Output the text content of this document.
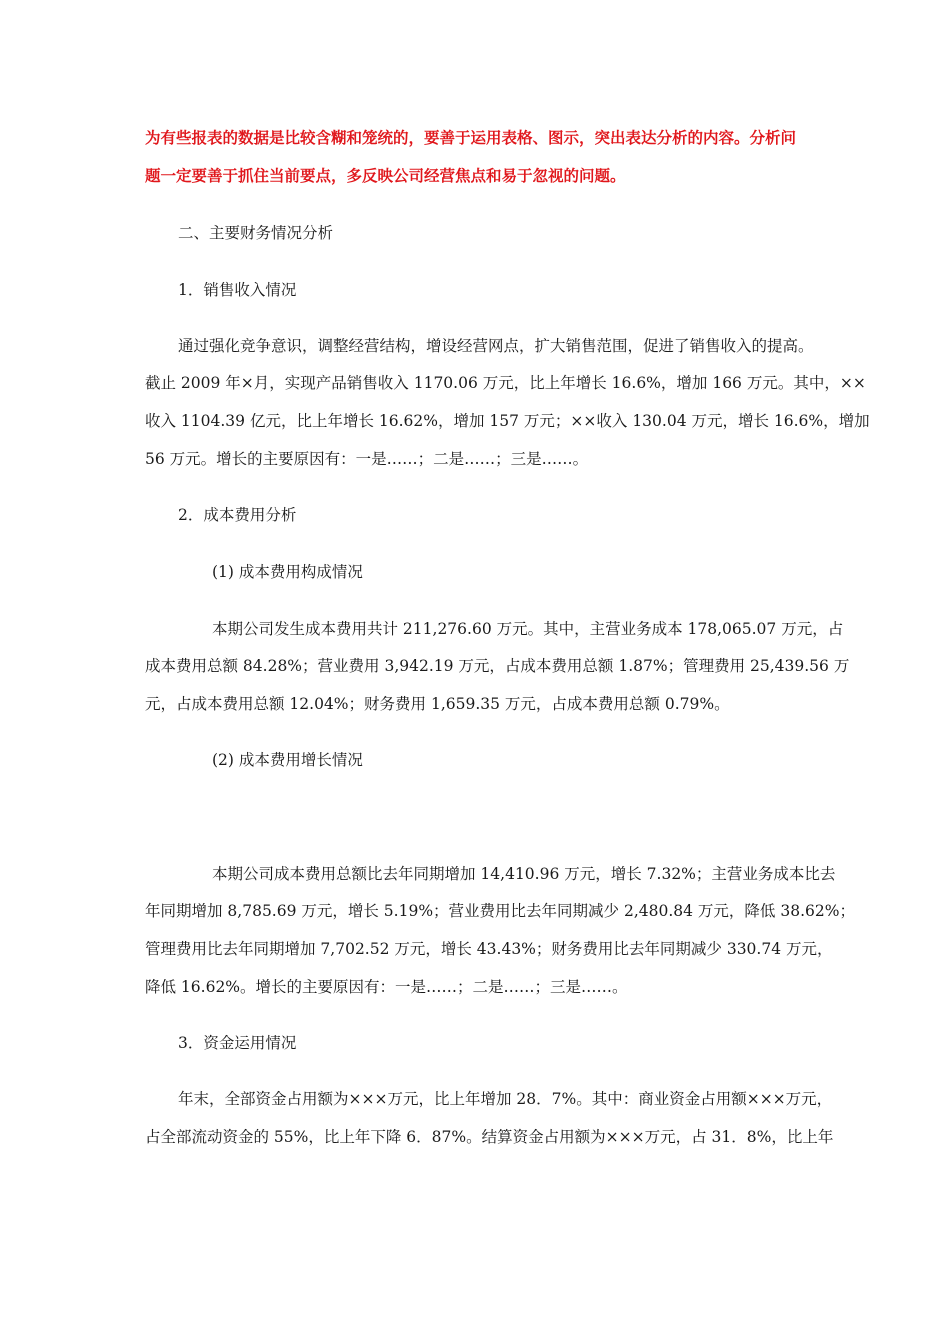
为有些报表的数据是比较含糊和笼统的，要善于运用表格、图示，突出表达分析的内容。分析问
题一定要善于抓住当前要点，多反映公司经营焦点和易于忽视的问题。
二、主要财务情况分析
1．销售收入情况
通过强化竞争意识，调整经营结构，增设经营网点，扩大销售范围，促进了销售收入的提高。
截止 2009 年×月，实现产品销售收入 1170.06 万元，比上年增长 16.6%，增加 166 万元。其中，××
收入 1104.39 亿元，比上年增长 16.62%，增加 157 万元；××收入 130.04 万元，增长 16.6%，增加
56 万元。增长的主要原因有：一是……；二是……；三是……。
2．成本费用分析
(1) 成本费用构成情况
本期公司发生成本费用共计 211,276.60 万元。其中，主营业务成本 178,065.07 万元，占
成本费用总额 84.28%；营业费用 3,942.19 万元，占成本费用总额 1.87%；管理费用 25,439.56 万
元，占成本费用总额 12.04%；财务费用 1,659.35 万元，占成本费用总额 0.79%。
(2) 成本费用增长情况
本期公司成本费用总额比去年同期增加 14,410.96 万元，增长 7.32%；主营业务成本比去
年同期增加 8,785.69 万元，增长 5.19%；营业费用比去年同期减少 2,480.84 万元，降低 38.62%；
管理费用比去年同期增加 7,702.52 万元，增长 43.43%；财务费用比去年同期减少 330.74 万元，
降低 16.62%。增长的主要原因有：一是……；二是……；三是……。
3．资金运用情况
年末，全部资金占用额为×××万元，比上年增加 28．7%。其中：商业资金占用额×××万元，
占全部流动资金的 55%，比上年下降 6．87%。结算资金占用额为×××万元，占 31．8%，比上年
